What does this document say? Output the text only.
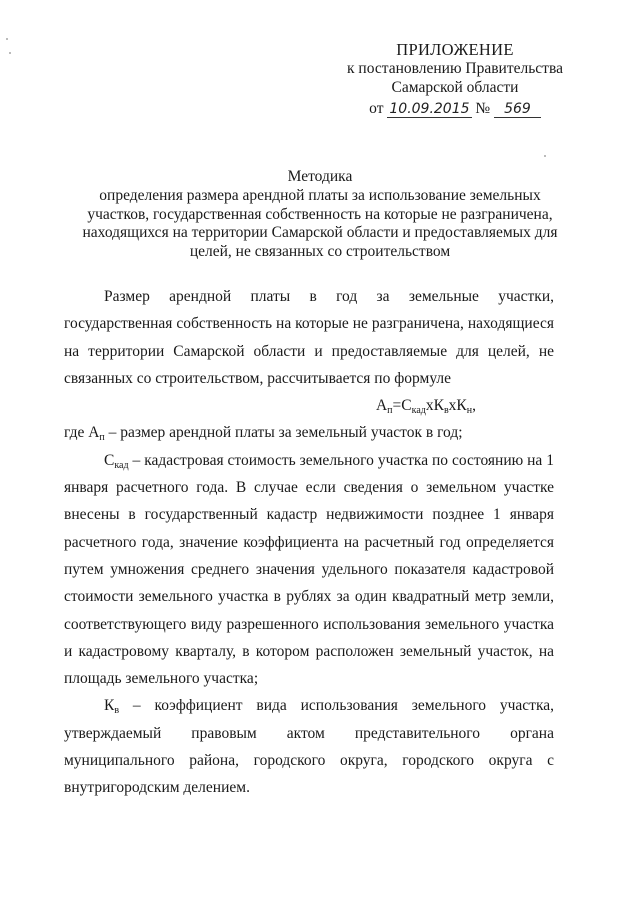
ПРИЛОЖЕНИЕ
к постановлению Правительства
Самарской области
от 10.09.2015 № 569
Методика
определения размера арендной платы за использование земельных
участков, государственная собственность на которые не разграничена,
находящихся на территории Самарской области и предоставляемых для
целей, не связанных со строительством

Размер арендной платы в год за земельные участки, государственная собственность на которые не разграничена, находящиеся на территории Самарской области и предоставляемые для целей, не связанных со строительством, рассчитывается по формуле

$А_п=С_{кад}хК_вхК_н$,

где $А_п$ – размер арендной платы за земельный участок в год;

$С_{кад}$ – кадастровая стоимость земельного участка по состоянию на 1 января расчетного года. В случае если сведения о земельном участке внесены в государственный кадастр недвижимости позднее 1 января расчетного года, значение коэффициента на расчетный год определяется путем умножения среднего значения удельного показателя кадастровой стоимости земельного участка в рублях за один квадратный метр земли, соответствующего виду разрешенного использования земельного участка и кадастровому кварталу, в котором расположен земельный участок, на площадь земельного участка;

$К_в$ – коэффициент вида использования земельного участка, утверждаемый правовым актом представительного органа муниципального района, городского округа, городского округа с внутригородским делением.
